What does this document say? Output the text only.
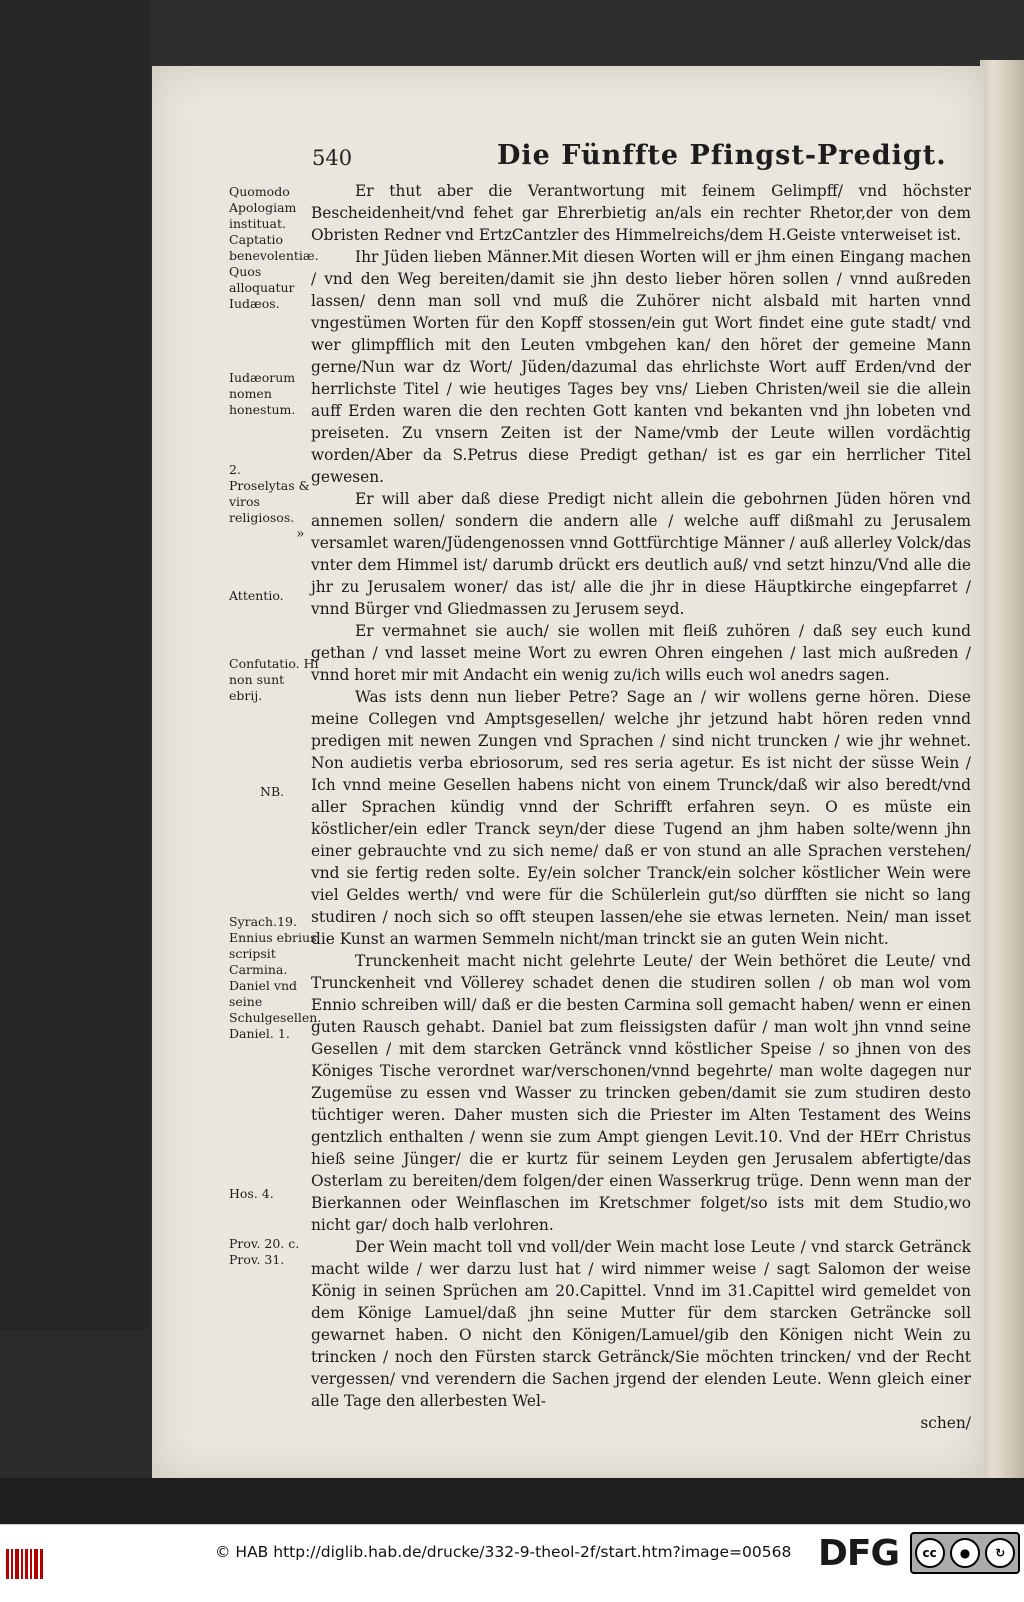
540	Die Fünffte Pfingst-Predigt.
Quomodo Apologiam instituat. Captatio benevolentiæ. Quos alloquatur Iudæos.
Iudæorum nomen honestum.
2.
Proselytas & viros religiosos.
»
Attentio.
Confutatio. Hi non sunt ebrij.
NB.
Syrach.19. Ennius ebrius scripsit Carmina. Daniel vnd seine Schulgesellen. Daniel. 1.
Hos. 4.
Prov. 20. c. Prov. 31.

Er thut aber die Verantwortung mit feinem Gelimpff/ vnd höchster Bescheidenheit/vnd fehet gar Ehrerbietig an/als ein rechter Rhetor,der von dem Obristen Redner vnd ErtzCantzler des Himmelreichs/dem H.Geiste vnterweiset ist.

Ihr Jüden lieben Männer.Mit diesen Worten will er jhm einen Eingang machen / vnd den Weg bereiten/damit sie jhn desto lieber hören sollen / vnnd außreden lassen/ denn man soll vnd muß die Zuhörer nicht alsbald mit harten vnnd vngestümen Worten für den Kopff stossen/ein gut Wort findet eine gute stadt/ vnd wer glimpfflich mit den Leuten vmbgehen kan/ den höret der gemeine Mann gerne/Nun war dz Wort/ Jüden/dazumal das ehrlichste Wort auff Erden/vnd der herrlichste Titel / wie heutiges Tages bey vns/ Lieben Christen/weil sie die allein auff Erden waren die den rechten Gott kanten vnd bekanten vnd jhn lobeten vnd preiseten. Zu vnsern Zeiten ist der Name/vmb der Leute willen vordächtig worden/Aber da S.Petrus diese Predigt gethan/ ist es gar ein herrlicher Titel gewesen.

Er will aber daß diese Predigt nicht allein die gebohrnen Jüden hören vnd annemen sollen/ sondern die andern alle / welche auff dißmahl zu Jerusalem versamlet waren/Jüdengenossen vnnd Gottfürchtige Männer / auß allerley Volck/das vnter dem Himmel ist/ darumb drückt ers deutlich auß/ vnd setzt hinzu/Vnd alle die jhr zu Jerusalem woner/ das ist/ alle die jhr in diese Häuptkirche eingepfarret / vnnd Bürger vnd Gliedmassen zu Jerusem seyd.

Er vermahnet sie auch/ sie wollen mit fleiß zuhören / daß sey euch kund gethan / vnd lasset meine Wort zu ewren Ohren eingehen / last mich außreden / vnnd horet mir mit Andacht ein wenig zu/ich wills euch wol anedrs sagen.

Was ists denn nun lieber Petre? Sage an / wir wollens gerne hören. Diese meine Collegen vnd Amptsgesellen/ welche jhr jetzund habt hören reden vnnd predigen mit newen Zungen vnd Sprachen / sind nicht truncken / wie jhr wehnet. Non audietis verba ebriosorum, sed res seria agetur. Es ist nicht der süsse Wein / Ich vnnd meine Gesellen habens nicht von einem Trunck/daß wir also beredt/vnd aller Sprachen kündig vnnd der Schrifft erfahren seyn. O es müste ein köstlicher/ein edler Tranck seyn/der diese Tugend an jhm haben solte/wenn jhn einer gebrauchte vnd zu sich neme/ daß er von stund an alle Sprachen verstehen/ vnd sie fertig reden solte. Ey/ein solcher Tranck/ein solcher köstlicher Wein were viel Geldes werth/ vnd were für die Schülerlein gut/so dürfften sie nicht so lang studiren / noch sich so offt steupen lassen/ehe sie etwas lerneten. Nein/ man isset die Kunst an warmen Semmeln nicht/man trinckt sie an guten Wein nicht.

Trunckenheit macht nicht gelehrte Leute/ der Wein bethöret die Leute/ vnd Trunckenheit vnd Völlerey schadet denen die studiren sollen / ob man wol vom Ennio schreiben will/ daß er die besten Carmina soll gemacht haben/ wenn er einen guten Rausch gehabt. Daniel bat zum fleissigsten dafür / man wolt jhn vnnd seine Gesellen / mit dem starcken Getränck vnnd köstlicher Speise / so jhnen von des Königes Tische verordnet war/verschonen/vnnd begehrte/ man wolte dagegen nur Zugemüse zu essen vnd Wasser zu trincken geben/damit sie zum studiren desto tüchtiger weren. Daher musten sich die Priester im Alten Testament des Weins gentzlich enthalten / wenn sie zum Ampt giengen Levit.10. Vnd der HErr Christus hieß seine Jünger/ die er kurtz für seinem Leyden gen Jerusalem abfertigte/das Osterlam zu bereiten/dem folgen/der einen Wasserkrug trüge. Denn wenn man der Bierkannen oder Weinflaschen im Kretschmer folget/so ists mit dem Studio,wo nicht gar/ doch halb verlohren.

Der Wein macht toll vnd voll/der Wein macht lose Leute / vnd starck Getränck macht wilde / wer darzu lust hat / wird nimmer weise / sagt Salomon der weise König in seinen Sprüchen am 20.Capittel. Vnnd im 31.Capittel wird gemeldet von dem Könige Lamuel/daß jhn seine Mutter für dem starcken Geträncke soll gewarnet haben. O nicht den Königen/Lamuel/gib den Königen nicht Wein zu trincken / noch den Fürsten starck Getränck/Sie möchten trincken/ vnd der Recht vergessen/ vnd verendern die Sachen jrgend der elenden Leute. Wenn gleich einer alle Tage den allerbesten Wel-

schen/

© HAB http://diglib.hab.de/drucke/332-9-theol-2f/start.htm?image=00568 DFG	cc	●	↻
